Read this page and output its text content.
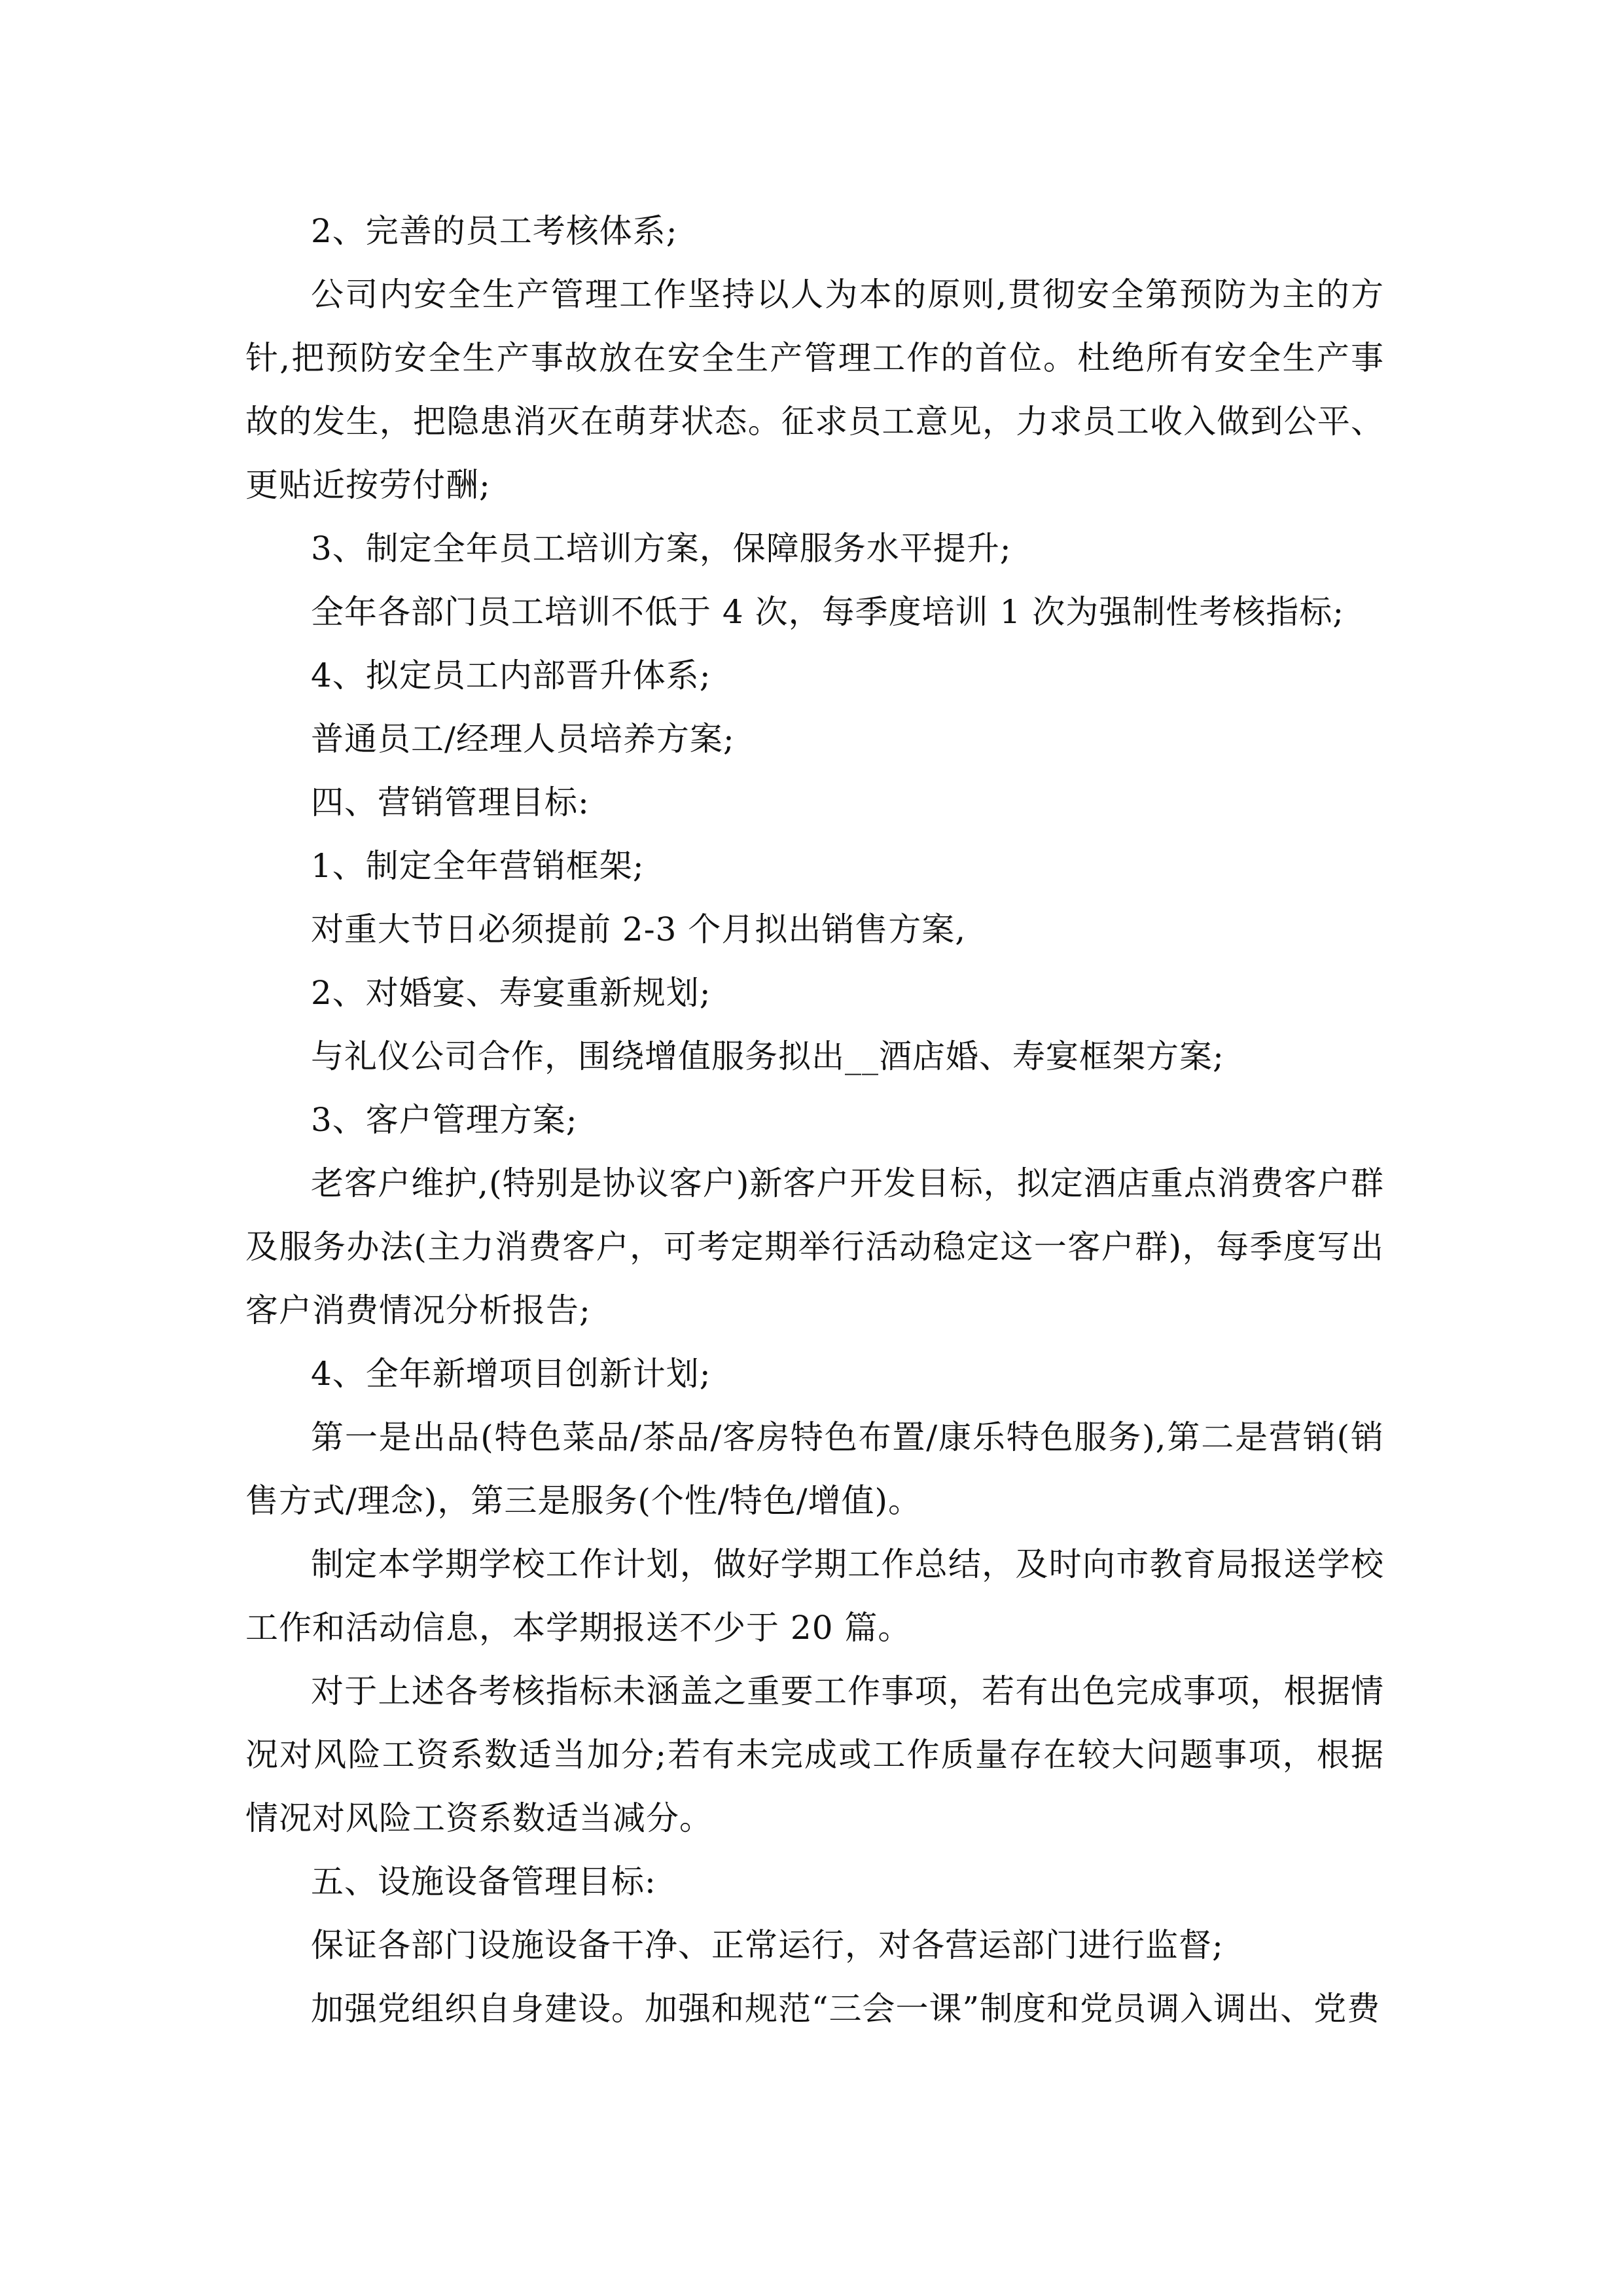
2、完善的员工考核体系;

公司内安全生产管理工作坚持以人为本的原则,贯彻安全第预防为主的方针,把预防安全生产事故放在安全生产管理工作的首位。杜绝所有安全生产事故的发生，把隐患消灭在萌芽状态。征求员工意见，力求员工收入做到公平、更贴近按劳付酬;

3、制定全年员工培训方案，保障服务水平提升;

全年各部门员工培训不低于 4 次，每季度培训 1 次为强制性考核指标;

4、拟定员工内部晋升体系;

普通员工/经理人员培养方案;

四、营销管理目标:

1、制定全年营销框架;

对重大节日必须提前 2-3 个月拟出销售方案,

2、对婚宴、寿宴重新规划;

与礼仪公司合作，围绕增值服务拟出__酒店婚、寿宴框架方案;

3、客户管理方案;

老客户维护,(特别是协议客户)新客户开发目标，拟定酒店重点消费客户群及服务办法(主力消费客户，可考定期举行活动稳定这一客户群)，每季度写出客户消费情况分析报告;

4、全年新增项目创新计划;

第一是出品(特色菜品/茶品/客房特色布置/康乐特色服务),第二是营销(销售方式/理念)，第三是服务(个性/特色/增值)。

制定本学期学校工作计划，做好学期工作总结，及时向市教育局报送学校工作和活动信息，本学期报送不少于 20 篇。

对于上述各考核指标未涵盖之重要工作事项，若有出色完成事项，根据情况对风险工资系数适当加分;若有未完成或工作质量存在较大问题事项，根据情况对风险工资系数适当减分。

五、设施设备管理目标:

保证各部门设施设备干净、正常运行，对各营运部门进行监督;

加强党组织自身建设。加强和规范“三会一课”制度和党员调入调出、党费
